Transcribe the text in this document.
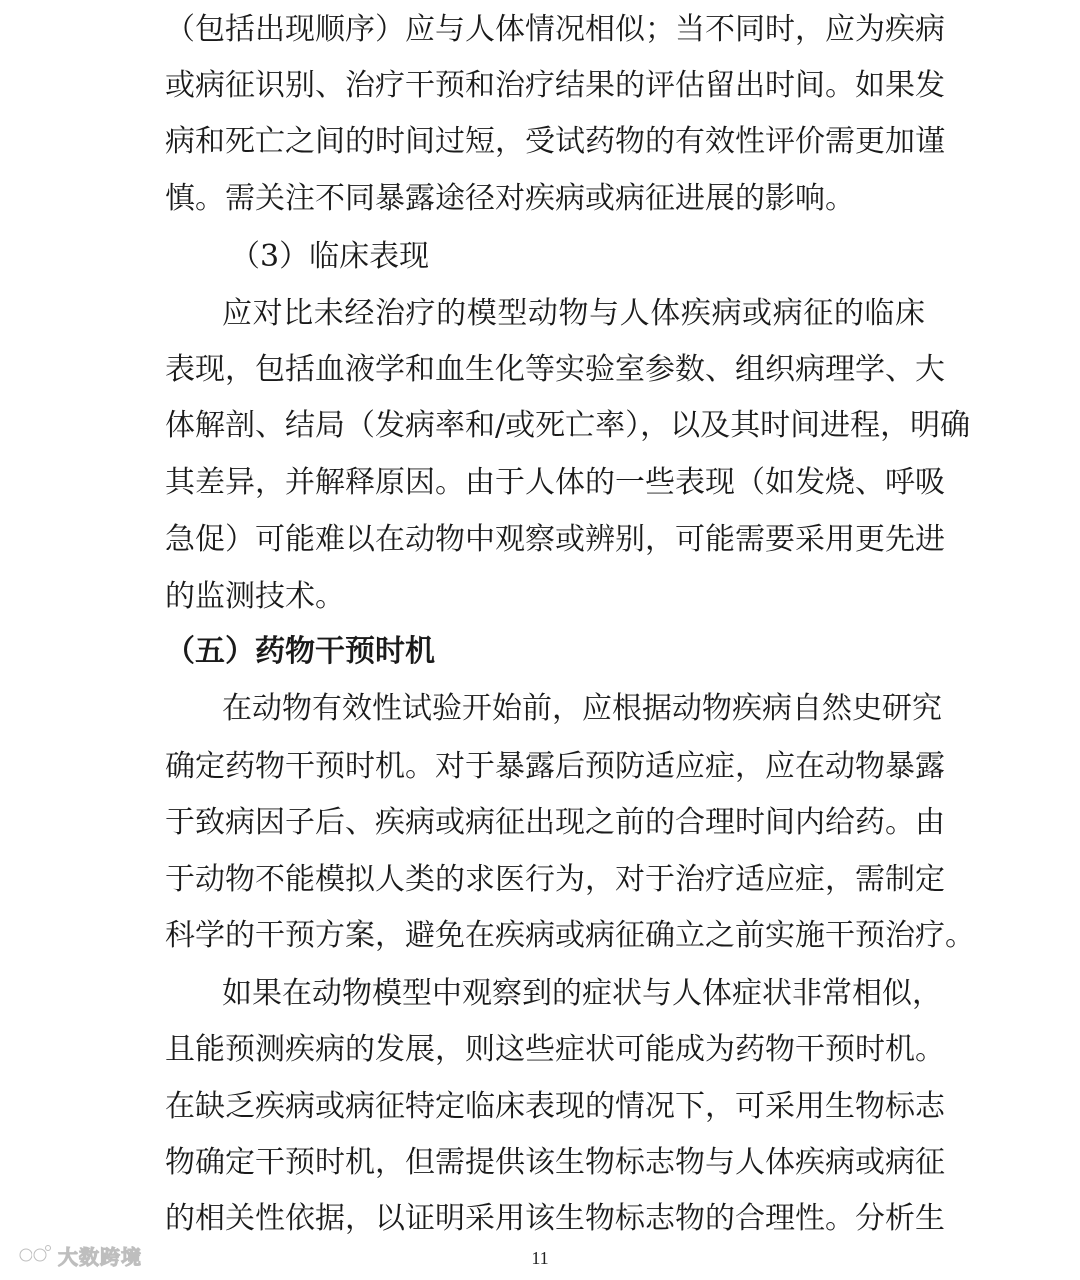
（包括出现顺序）应与人体情况相似；当不同时，应为疾病
或病征识别、治疗干预和治疗结果的评估留出时间。如果发
病和死亡之间的时间过短，受试药物的有效性评价需更加谨
慎。需关注不同暴露途径对疾病或病征进展的影响。
（3）临床表现
应对比未经治疗的模型动物与人体疾病或病征的临床
表现，包括血液学和血生化等实验室参数、组织病理学、大
体解剖、结局（发病率和/或死亡率），以及其时间进程，明确
其差异，并解释原因。由于人体的一些表现（如发烧、呼吸
急促）可能难以在动物中观察或辨别，可能需要采用更先进
的监测技术。
（五）药物干预时机
在动物有效性试验开始前，应根据动物疾病自然史研究
确定药物干预时机。对于暴露后预防适应症，应在动物暴露
于致病因子后、疾病或病征出现之前的合理时间内给药。由
于动物不能模拟人类的求医行为，对于治疗适应症，需制定
科学的干预方案，避免在疾病或病征确立之前实施干预治疗。
如果在动物模型中观察到的症状与人体症状非常相似，
且能预测疾病的发展，则这些症状可能成为药物干预时机。
在缺乏疾病或病征特定临床表现的情况下，可采用生物标志
物确定干预时机，但需提供该生物标志物与人体疾病或病征
的相关性依据，以证明采用该生物标志物的合理性。分析生
11
大数跨境
